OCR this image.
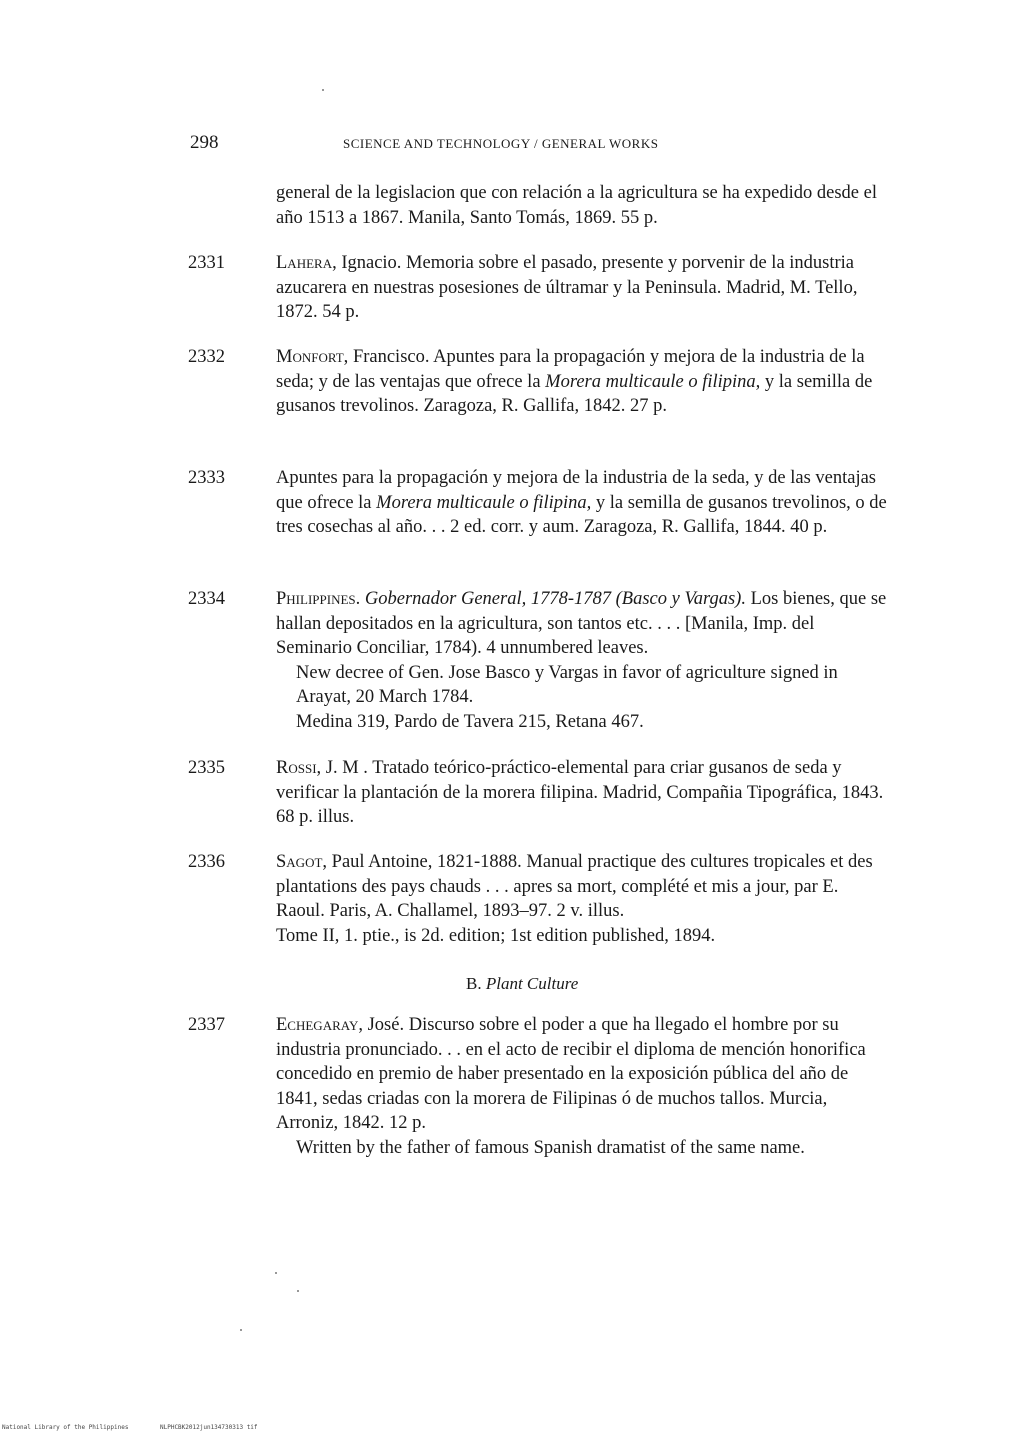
298	SCIENCE AND TECHNOLOGY / GENERAL WORKS
general de la legislacion que con relación a la agricultura se ha expedido desde el año 1513 a 1867. Manila, Santo Tomás, 1869. 55 p.
2331	Lahera, Ignacio. Memoria sobre el pasado, presente y porvenir de la industria azucarera en nuestras posesiones de últramar y la Peninsula. Madrid, M. Tello, 1872. 54 p.
2332	Monfort, Francisco. Apuntes para la propagación y mejora de la industria de la seda; y de las ventajas que ofrece la Morera multicaule o filipina, y la semilla de gusanos trevolinos. Zaragoza, R. Gallifa, 1842. 27 p.
2333	Apuntes para la propagación y mejora de la industria de la seda, y de las ventajas que ofrece la Morera multicaule o filipina, y la semilla de gusanos trevolinos, o de tres cosechas al año. . . 2 ed. corr. y aum. Zaragoza, R. Gallifa, 1844. 40 p.
2334	Philippines. Gobernador General, 1778-1787 (Basco y Vargas). Los bienes, que se hallan depositados en la agricultura, son tantos etc. . . . [Manila, Imp. del Seminario Conciliar, 1784). 4 unnumbered leaves.
New decree of Gen. Jose Basco y Vargas in favor of agriculture signed in Arayat, 20 March 1784.
Medina 319, Pardo de Tavera 215, Retana 467.
2335	Rossi, J. M . Tratado teórico-práctico-elemental para criar gusanos de seda y verificar la plantación de la morera filipina. Madrid, Compañia Tipográfica, 1843. 68 p. illus.
2336	Sagot, Paul Antoine, 1821-1888. Manual practique des cultures tropicales et des plantations des pays chauds . . . apres sa mort, complété et mis a jour, par E. Raoul. Paris, A. Challamel, 1893–97. 2 v. illus.
Tome II, 1. ptie., is 2d. edition; 1st edition published, 1894.
B. Plant Culture
2337	Echegaray, José. Discurso sobre el poder a que ha llegado el hombre por su industria pronunciado. . . en el acto de recibir el diploma de mención honorifica concedido en premio de haber presentado en la exposición pública del año de 1841, sedas criadas con la morera de Filipinas ó de muchos tallos. Murcia, Arroniz, 1842. 12 p.
Written by the father of famous Spanish dramatist of the same name.
National Library of the Philippines	NLPHCBK2012jun134730313 tif
